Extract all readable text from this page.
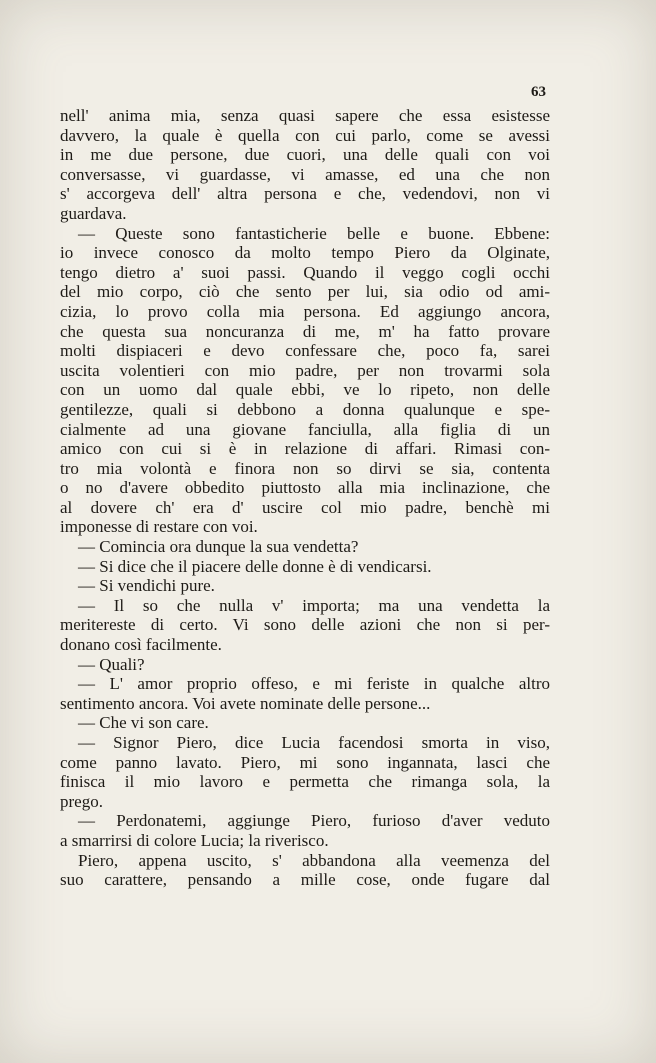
63
nell' anima mia, senza quasi sapere che essa esistesse
davvero, la quale è quella con cui parlo, come se avessi
in me due persone, due cuori, una delle quali con voi
conversasse, vi guardasse, vi amasse, ed una che non
s' accorgeva dell' altra persona e che, vedendovi, non vi
guardava.
— Queste sono fantasticherie belle e buone. Ebbene:
io invece conosco da molto tempo Piero da Olginate,
tengo dietro a' suoi passi. Quando il veggo cogli occhi
del mio corpo, ciò che sento per lui, sia odio od ami-
cizia, lo provo colla mia persona. Ed aggiungo ancora,
che questa sua noncuranza di me, m' ha fatto provare
molti dispiaceri e devo confessare che, poco fa, sarei
uscita volentieri con mio padre, per non trovarmi sola
con un uomo dal quale ebbi, ve lo ripeto, non delle
gentilezze, quali si debbono a donna qualunque e spe-
cialmente ad una giovane fanciulla, alla figlia di un
amico con cui si è in relazione di affari. Rimasi con-
tro mia volontà e finora non so dirvi se sia, contenta
o no d'avere obbedito piuttosto alla mia inclinazione, che
al dovere ch' era d' uscire col mio padre, benchè mi
imponesse di restare con voi.
— Comincia ora dunque la sua vendetta?
— Si dice che il piacere delle donne è di vendicarsi.
— Si vendichi pure.
— Il so che nulla v' importa; ma una vendetta la
meritereste di certo. Vi sono delle azioni che non si per-
donano così facilmente.
— Quali?
— L' amor proprio offeso, e mi feriste in qualche altro
sentimento ancora. Voi avete nominate delle persone...
— Che vi son care.
— Signor Piero, dice Lucia facendosi smorta in viso,
come panno lavato. Piero, mi sono ingannata, lasci che
finisca il mio lavoro e permetta che rimanga sola, la
prego.
— Perdonatemi, aggiunge Piero, furioso d'aver veduto
a smarrirsi di colore Lucia; la riverisco.
Piero, appena uscito, s' abbandona alla veemenza del
suo carattere, pensando a mille cose, onde fugare dal
